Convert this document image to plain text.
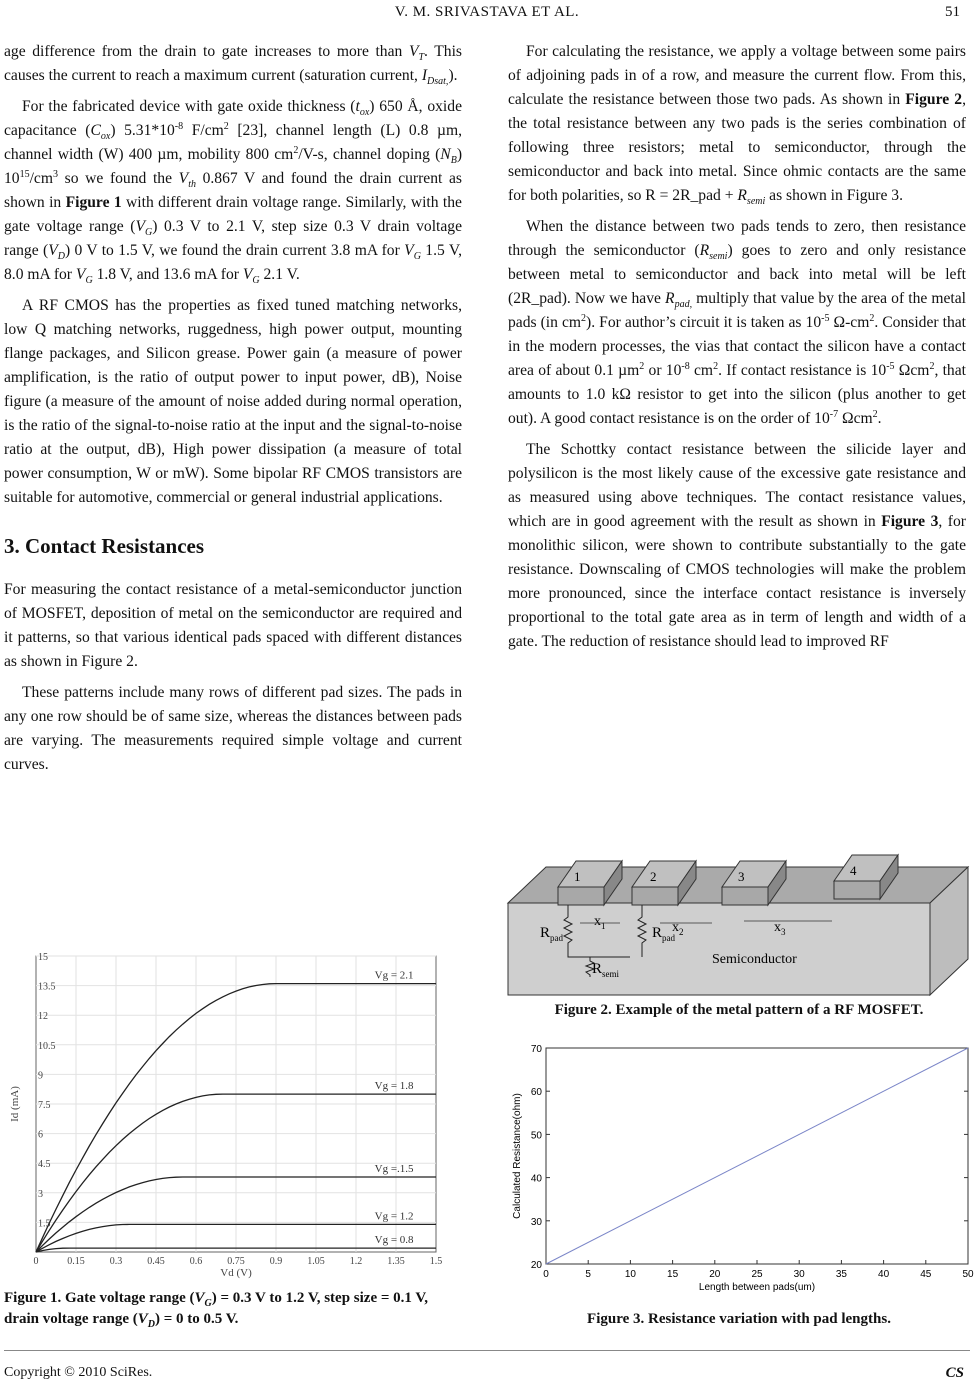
V. M. SRIVASTAVA ET AL.	51

age difference from the drain to gate increases to more than $V_T$. This causes the current to reach a maximum current (saturation current, $I_{Dsat,}$).

For the fabricated device with gate oxide thickness $(t_{ox})$ 650 Å, oxide capacitance $(C_{ox})$ $5.31*10^{-8}$ $F/cm^2$ [23], channel length (L) 0.8 µm, channel width (W) 400 µm, mobility 800 $cm^2/V-s$, channel doping $(N_B)$ $10^{15}/cm^3$ so we found the $V_{th}$ 0.867 V and found the drain current as shown in Figure 1 with different drain voltage range. Similarly, with the gate voltage range $(V_G)$ 0.3 V to 2.1 V, step size 0.3 V drain voltage range $(V_D)$ 0 V to 1.5 V, we found the drain current 3.8 mA for $V_G$ 1.5 V, 8.0 mA for $V_G$ 1.8 V, and 13.6 mA for $V_G$ 2.1 V.

A RF CMOS has the properties as fixed tuned matching networks, low Q matching networks, ruggedness, high power output, mounting flange packages, and Silicon grease. Power gain (a measure of power amplification, is the ratio of output power to input power, dB), Noise figure (a measure of the amount of noise added during normal operation, is the ratio of the signal-to-noise ratio at the input and the signal-to-noise ratio at the output, dB), High power dissipation (a measure of total power consumption, W or mW). Some bipolar RF CMOS transistors are suitable for automotive, commercial or general industrial applications.

3. Contact Resistances

For measuring the contact resistance of a metal-semiconductor junction of MOSFET, deposition of metal on the semiconductor are required and it patterns, so that various identical pads spaced with different distances as shown in Figure 2.

These patterns include many rows of different pad sizes. The pads in any one row should be of same size, whereas the distances between pads are varying. The measurements required simple voltage and current curves.

For calculating the resistance, we apply a voltage between some pairs of adjoining pads in of a row, and measure the current flow. From this, calculate the resistance between those two pads. As shown in Figure 2, the total resistance between any two pads is the series combination of following three resistors; metal to semiconductor, through the semiconductor and back into metal. Since ohmic contacts are the same for both polarities, so R = 2R_pad + $R_{semi}$ as shown in Figure 3.

When the distance between two pads tends to zero, then resistance through the semiconductor $(R_{semi})$ goes to zero and only resistance between metal to semiconductor and back into metal will be left (2R_pad). Now we have $R_{pad,}$ multiply that value by the area of the metal pads (in $cm^2$). For author’s circuit it is taken as $10^{-5}$ $\Omega-cm^2$. Consider that in the modern processes, the vias that contact the silicon have a contact area of about 0.1 µm$^2$ or $10^{-8}$ $cm^2$. If contact resistance is $10^{-5}$ Ωcm$^2$, that amounts to 1.0 kΩ resistor to get into the silicon (plus another to get out). A good contact resistance is on the order of $10^{-7}$ Ωcm$^2$.

The Schottky contact resistance between the silicide layer and polysilicon is the most likely cause of the excessive gate resistance and as measured using above techniques. The contact resistance values, which are in good agreement with the result as shown in Figure 3, for monolithic silicon, were shown to contribute substantially to the gate resistance. Downscaling of CMOS technologies will make the problem more pronounced, since the interface contact resistance is inversely proportional to the total gate area as in term of length and width of a gate. The reduction of resistance should lead to improved RF

0	0.15	0.3	0.45	0.6	0.75	0.9	1.05	1.2	1.35	1.5
1.5
3
4.5
6
7.5
9
10.5
12
13.5
15
Vd (V)
Id (mA)
Vg = 2.1
Vg = 1.8
Vg =.1.5
Vg = 1.2
Vg = 0.8
Figure 1. Gate voltage range $(V_G) = 0.3$ V to 1.2 V, step size = 0.1 V, drain voltage range $(V_D) = 0$ to 0.5 V.
1	2	3	4
$x_1$	$x_2$	$x_3$
$R_{pad}$	$R_{pad}$
$R_{semi}$
Semiconductor
Figure 2. Example of the metal pattern of a RF MOSFET.
0	5	10	15	20	25	30	35	40	45	50
20
30
40
50
60
70
Length between pads(um)
Calculated Resistance(ohm)
Figure 3. Resistance variation with pad lengths.
Copyright © 2010 SciRes.	CS
